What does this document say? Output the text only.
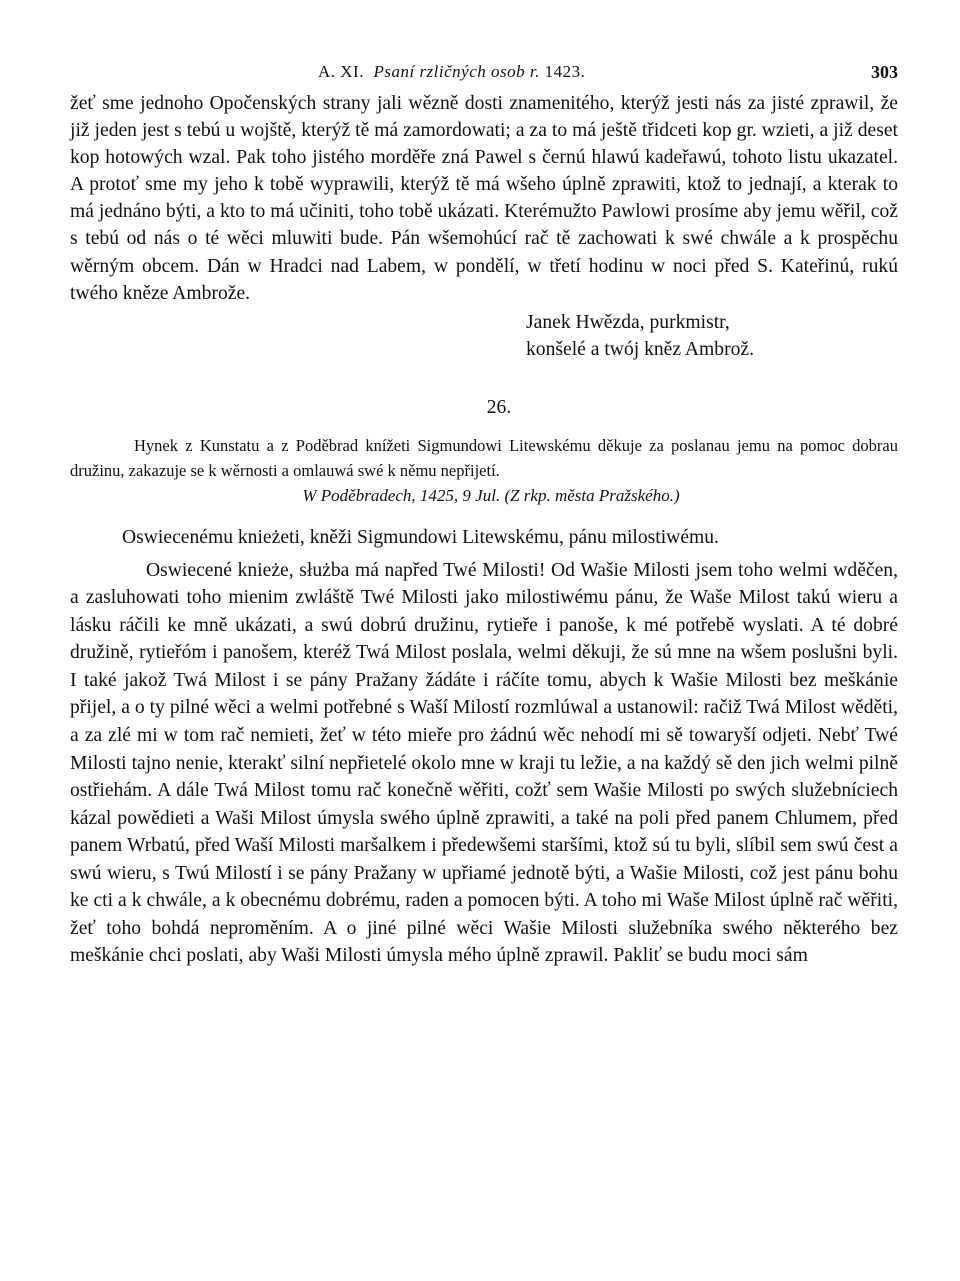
A. XI. Psaní rzličných osob r. 1423.	303

žeť sme jednoho Opočenských strany jali wězně dosti znamenitého, kterýž jesti nás za jisté zprawil, že již jeden jest s tebú u wojště, kterýž tě má zamordowati; a za to má ještě třidceti kop gr. wzieti, a již deset kop hotowých wzal. Pak toho jistého morděře zná Pawel s černú hlawú kadeřawú, tohoto listu ukazatel. A protoť sme my jeho k tobě wyprawili, kterýž tě má wšeho úplně zprawiti, ktož to jednají, a kterak to má jednáno býti, a kto to má učiniti, toho tobě ukázati. Kterémužto Pawlowi prosíme aby jemu wěřil, což s tebú od nás o té wěci mluwiti bude. Pán wšemohúcí rač tě zachowati k swé chwále a k prospěchu wěrným obcem. Dán w Hradci nad Labem, w pondělí, w třetí hodinu w noci před S. Kateřinú, rukú twého kněze Ambrože.

Janek Hwězda, purkmistr,
konšelé a twój kněz Ambrož.
26.

Hynek z Kunstatu a z Poděbrad knížeti Sigmundowi Litewskému děkuje za poslanau jemu na pomoc dobrau družinu, zakazuje se k wěrnosti a omlauwá swé k němu nepřijetí.

W Poděbradech, 1425, 9 Jul. (Z rkp. města Pražského.)

Oswiecenému knieżeti, kněži Sigmundowi Litewskému, pánu milostiwému.

Oswiecené knieże, służba má napřed Twé Milosti! Od Wašie Milosti jsem toho welmi wděčen, a zasluhowati toho mienim zwláště Twé Milosti jako milostiwému pánu, že Wašе Milost takú wieru a lásku ráčili ke mně ukázati, a swú dobrú družinu, rytieře i panoše, k mé potřebě wyslati. A té dobré družině, rytieřóm i panošem, kteréž Twá Milost poslala, welmi děkuji, že sú mne na wšem poslušni byli. I také jakož Twá Milost i se pány Pražany žádáte i ráčíte tomu, abych k Wašie Milosti bez meškánie přijel, a o ty pilné wěci a welmi potřebné s Waší Milostí rozmlúwal a ustanowil: račiž Twá Milost wěděti, a za zlé mi w tom rač nemieti, žeť w této mieře pro żádnú wěc nehodí mi sě towaryší odjeti. Nebť Twé Milosti tajno nenie, kterakť silní nepřietelé okolo mne w kraji tu ležie, a na každý sě den jich welmi pilně ostřiehám. A dále Twá Milost tomu rač konečně wěřiti, cožť sem Wašie Milosti po swých služebníciech kázal powědieti a Waši Milost úmysla swého úplně zprawiti, a také na poli před panem Chlumem, před panem Wrbatú, před Waší Milosti maršalkem i předewšemi staršími, ktož sú tu byli, slíbil sem swú čest a swú wieru, s Twú Milostí i se pány Pražany w upřiamé jednotě býti, a Wašie Milosti, což jest pánu bohu ke cti a k chwále, a k obecnému dobrému, raden a pomocen býti. A toho mi Wašе Milost úplně rač wěřiti, žeť toho bohdá neproměním. A o jiné pilné wěci Wašie Milosti služebníka swého některého bez meškánie chci poslati, aby Waši Milosti úmysla mého úplně zprawil. Pakliť se budu moci sám
